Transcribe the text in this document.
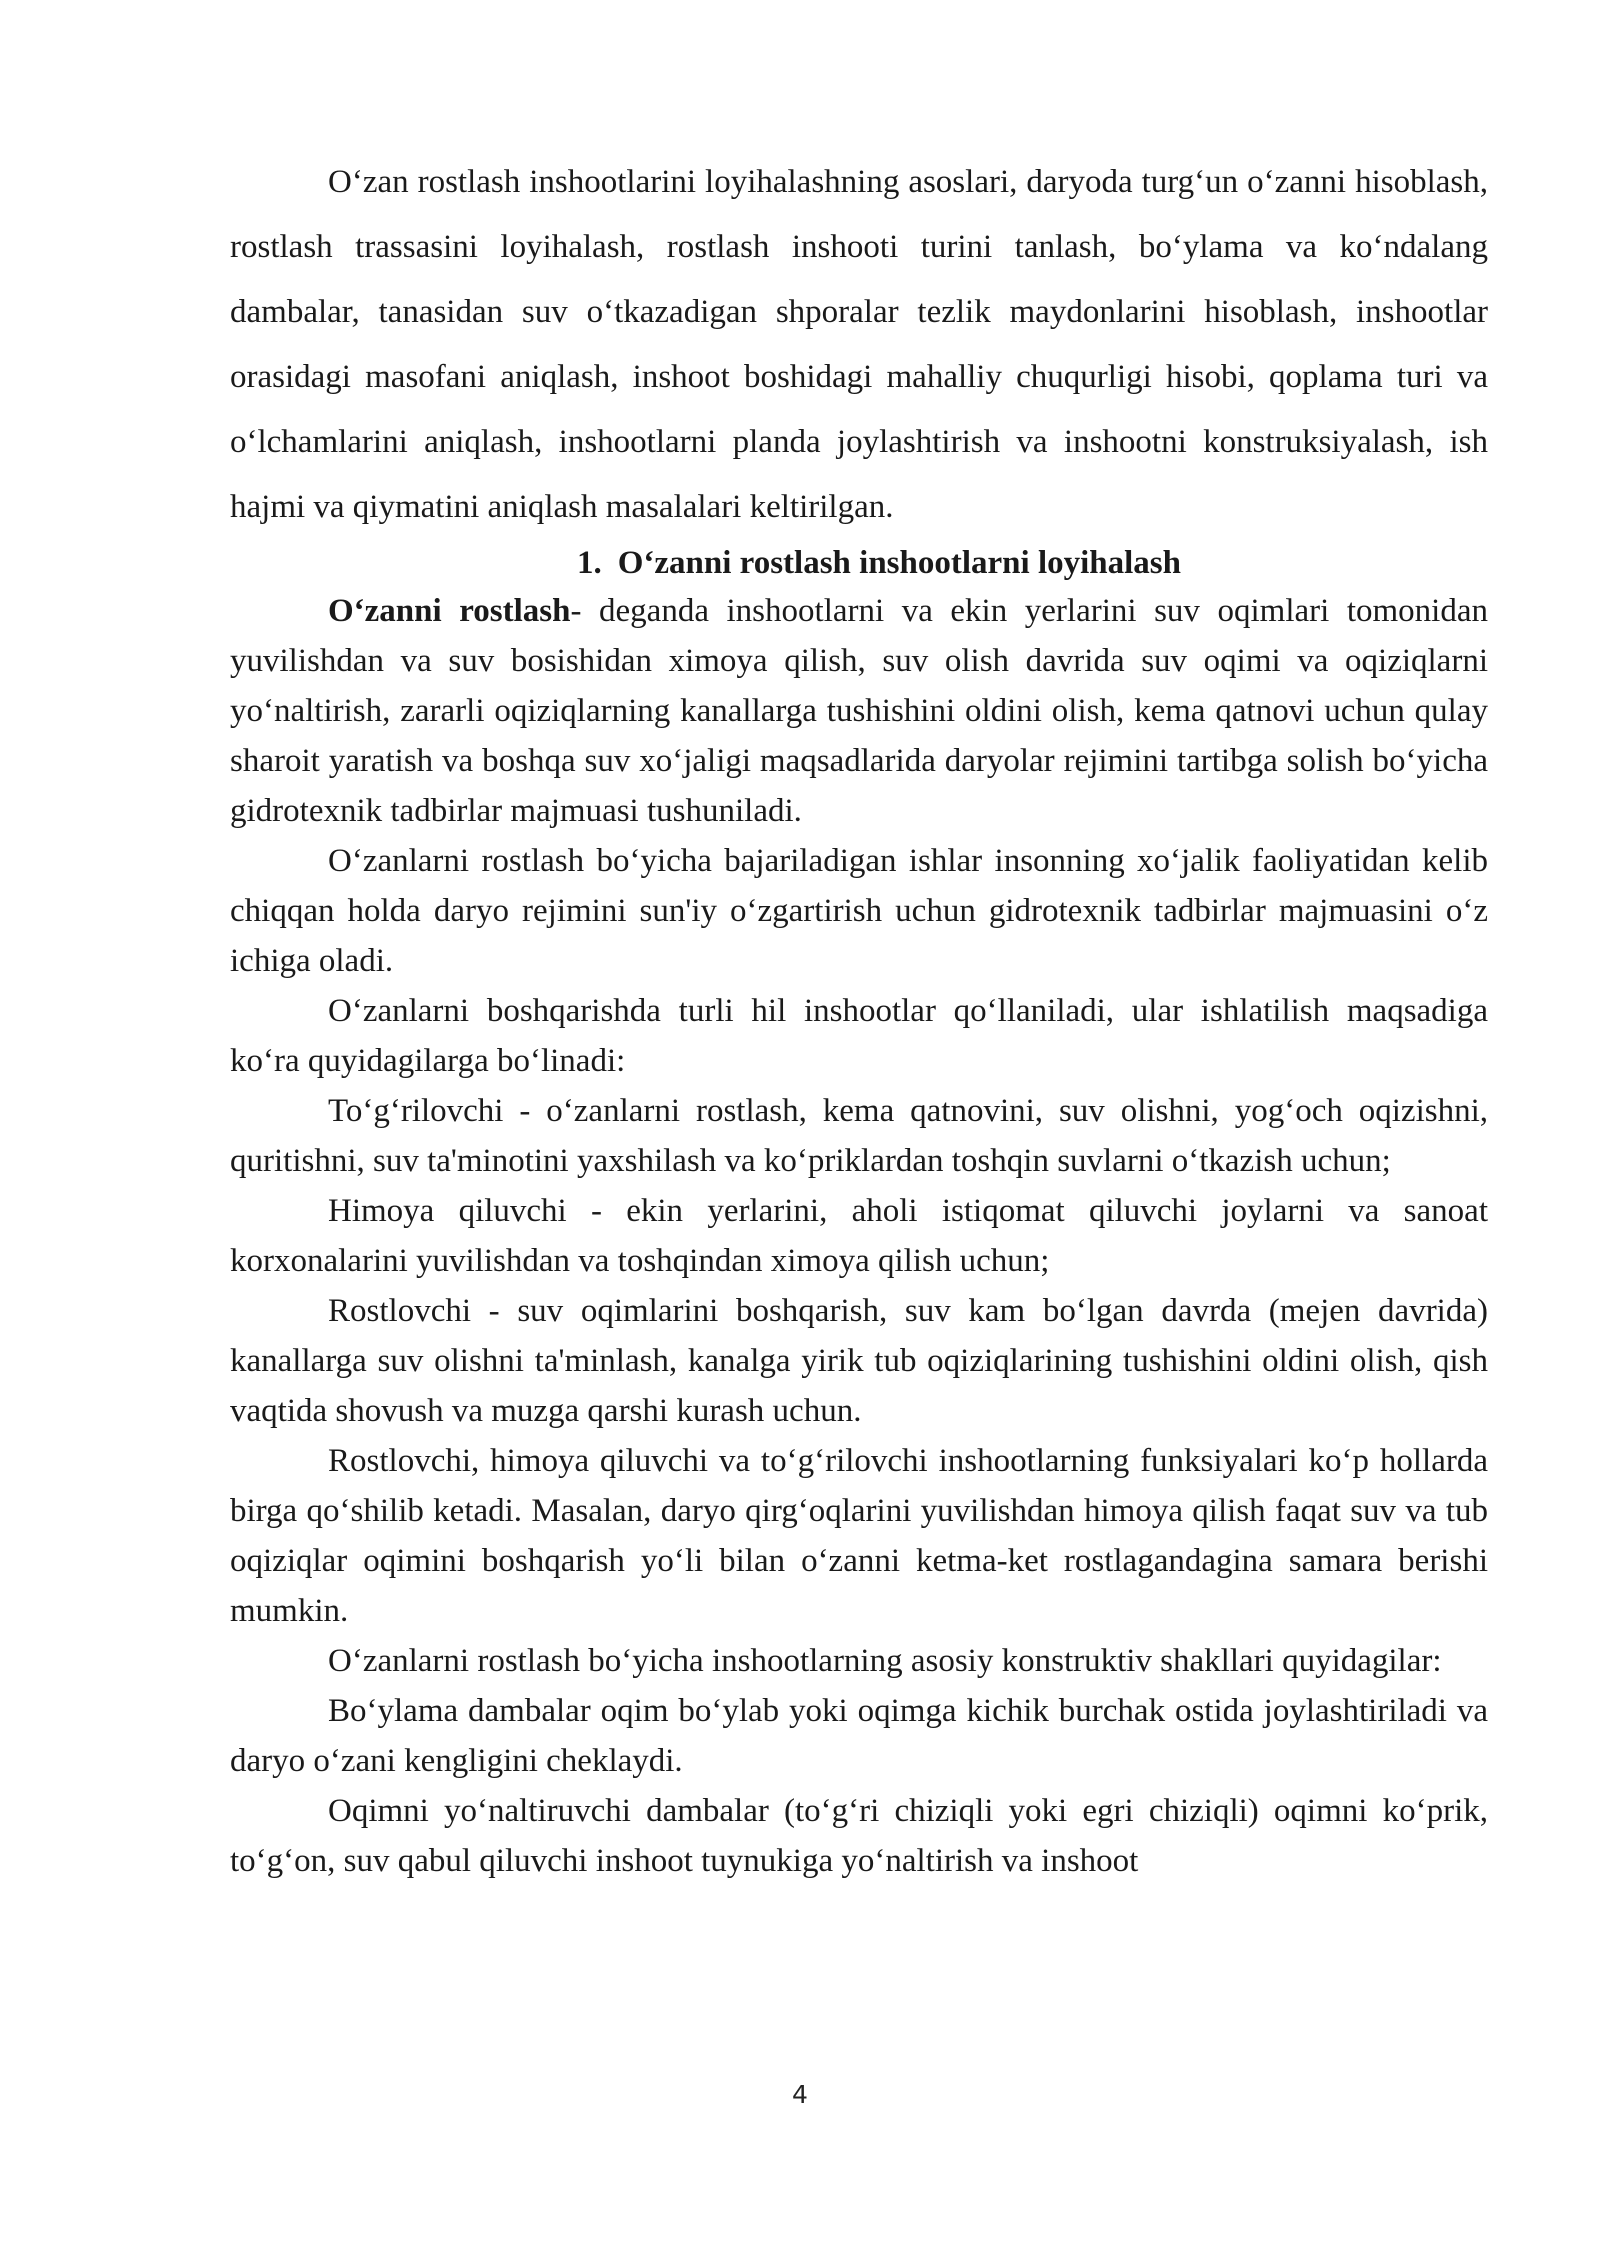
O‘zan rostlash inshootlarini loyihalashning asoslari, daryoda turg‘un o‘zanni hisoblash, rostlash trassasini loyihalash, rostlash inshooti turini tanlash, bo‘ylama va ko‘ndalang dambalar, tanasidan suv o‘tkazadigan shporalar tezlik maydonlarini hisoblash, inshootlar orasidagi masofani aniqlash, inshoot boshidagi mahalliy chuqurligi hisobi, qoplama turi va o‘lchamlarini aniqlash, inshootlarni planda joylashtirish va inshootni konstruksiyalash, ish hajmi va qiymatini aniqlash masalalari keltirilgan.

1. O‘zanni rostlash inshootlarni loyihalash

O‘zanni rostlash- deganda inshootlarni va ekin yerlarini suv oqimlari tomonidan yuvilishdan va suv bosishidan ximoya qilish, suv olish davrida suv oqimi va oqiziqlarni yo‘naltirish, zararli oqiziqlarning kanallarga tushishini oldini olish, kema qatnovi uchun qulay sharoit yaratish va boshqa suv xo‘jaligi maqsadlarida daryolar rejimini tartibga solish bo‘yicha gidrotexnik tadbirlar majmuasi tushuniladi.

O‘zanlarni rostlash bo‘yicha bajariladigan ishlar insonning xo‘jalik faoliyatidan kelib chiqqan holda daryo rejimini sun'iy o‘zgartirish uchun gidrotexnik tadbirlar majmuasini o‘z ichiga oladi.

O‘zanlarni boshqarishda turli hil inshootlar qo‘llaniladi, ular ishlatilish maqsadiga ko‘ra quyidagilarga bo‘linadi:

To‘g‘rilovchi - o‘zanlarni rostlash, kema qatnovini, suv olishni, yog‘och oqizishni, quritishni, suv ta'minotini yaxshilash va ko‘priklardan toshqin suvlarni o‘tkazish uchun;

Himoya qiluvchi - ekin yerlarini, aholi istiqomat qiluvchi joylarni va sanoat korxonalarini yuvilishdan va toshqindan ximoya qilish uchun;

Rostlovchi - suv oqimlarini boshqarish, suv kam bo‘lgan davrda (mejen davrida) kanallarga suv olishni ta'minlash, kanalga yirik tub oqiziqlarining tushishini oldini olish, qish vaqtida shovush va muzga qarshi kurash uchun.

Rostlovchi, himoya qiluvchi va to‘g‘rilovchi inshootlarning funksiyalari ko‘p hollarda birga qo‘shilib ketadi. Masalan, daryo qirg‘oqlarini yuvilishdan himoya qilish faqat suv va tub oqiziqlar oqimini boshqarish yo‘li bilan o‘zanni ketma-ket rostlagandagina samara berishi mumkin.

O‘zanlarni rostlash bo‘yicha inshootlarning asosiy konstruktiv shakllari quyidagilar:

Bo‘ylama dambalar oqim bo‘ylab yoki oqimga kichik burchak ostida joylashtiriladi va daryo o‘zani kengligini cheklaydi.

Oqimni yo‘naltiruvchi dambalar (to‘g‘ri chiziqli yoki egri chiziqli) oqimni ko‘prik, to‘g‘on, suv qabul qiluvchi inshoot tuynukiga yo‘naltirish va inshoot

4
